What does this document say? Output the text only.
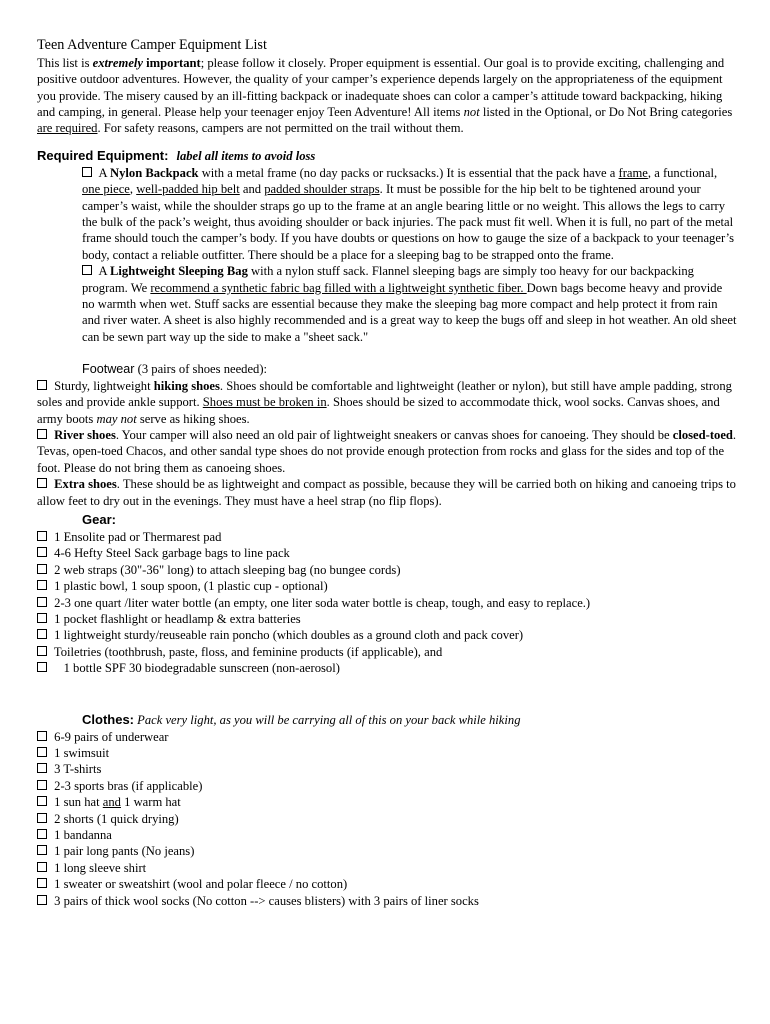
Teen Adventure Camper Equipment List

This list is extremely important; please follow it closely. Proper equipment is essential. Our goal is to provide exciting, challenging and positive outdoor adventures. However, the quality of your camper’s experience depends largely on the appropriateness of the equipment you provide. The misery caused by an ill-fitting backpack or inadequate shoes can color a camper’s attitude toward backpacking, hiking and camping, in general. Please help your teenager enjoy Teen Adventure! All items not listed in the Optional, or Do Not Bring categories are required. For safety reasons, campers are not permitted on the trail without them.

Required Equipment: label all items to avoid loss

A Nylon Backpack with a metal frame (no day packs or rucksacks.) It is essential that the pack have a frame, a functional, one piece, well-padded hip belt and padded shoulder straps. It must be possible for the hip belt to be tightened around your camper’s waist, while the shoulder straps go up to the frame at an angle bearing little or no weight. This allows the legs to carry the bulk of the pack’s weight, thus avoiding shoulder or back injuries. The pack must fit well. When it is full, no part of the metal frame should touch the camper’s body. If you have doubts or questions on how to gauge the size of a backpack to your teenager’s body, contact a reliable outfitter. There should be a place for a sleeping bag to be strapped onto the frame.

A Lightweight Sleeping Bag with a nylon stuff sack. Flannel sleeping bags are simply too heavy for our backpacking program. We recommend a synthetic fabric bag filled with a lightweight synthetic fiber. Down bags become heavy and provide no warmth when wet. Stuff sacks are essential because they make the sleeping bag more compact and help protect it from rain and river water. A sheet is also highly recommended and is a great way to keep the bugs off and sleep in hot weather. An old sheet can be sewn part way up the side to make a "sheet sack."

Footwear (3 pairs of shoes needed):

Sturdy, lightweight hiking shoes. Shoes should be comfortable and lightweight (leather or nylon), but still have ample padding, strong soles and provide ankle support. Shoes must be broken in. Shoes should be sized to accommodate thick, wool socks. Canvas shoes, and army boots may not serve as hiking shoes.

River shoes. Your camper will also need an old pair of lightweight sneakers or canvas shoes for canoeing. They should be closed-toed. Tevas, open-toed Chacos, and other sandal type shoes do not provide enough protection from rocks and glass for the sides and top of the foot. Please do not bring them as canoeing shoes.

Extra shoes. These should be as lightweight and compact as possible, because they will be carried both on hiking and canoeing trips to allow feet to dry out in the evenings. They must have a heel strap (no flip flops).

Gear:
1 Ensolite pad or Thermarest pad
4-6 Hefty Steel Sack garbage bags to line pack
2 web straps (30"-36" long) to attach sleeping bag (no bungee cords)
1 plastic bowl, 1 soup spoon, (1 plastic cup - optional)
2-3 one quart /liter water bottle (an empty, one liter soda water bottle is cheap, tough, and easy to replace.)
1 pocket flashlight or headlamp & extra batteries
1 lightweight sturdy/reuseable rain poncho (which doubles as a ground cloth and pack cover)
Toiletries (toothbrush, paste, floss, and feminine products (if applicable), and
1 bottle SPF 30 biodegradable sunscreen (non-aerosol)
Clothes: Pack very light, as you will be carrying all of this on your back while hiking
6-9 pairs of underwear
1 swimsuit
3 T-shirts
2-3 sports bras (if applicable)
1 sun hat and 1 warm hat
2 shorts (1 quick drying)
1 bandanna
1 pair long pants (No jeans)
1 long sleeve shirt
1 sweater or sweatshirt (wool and polar fleece / no cotton)
3 pairs of thick wool socks (No cotton --> causes blisters) with 3 pairs of liner socks
